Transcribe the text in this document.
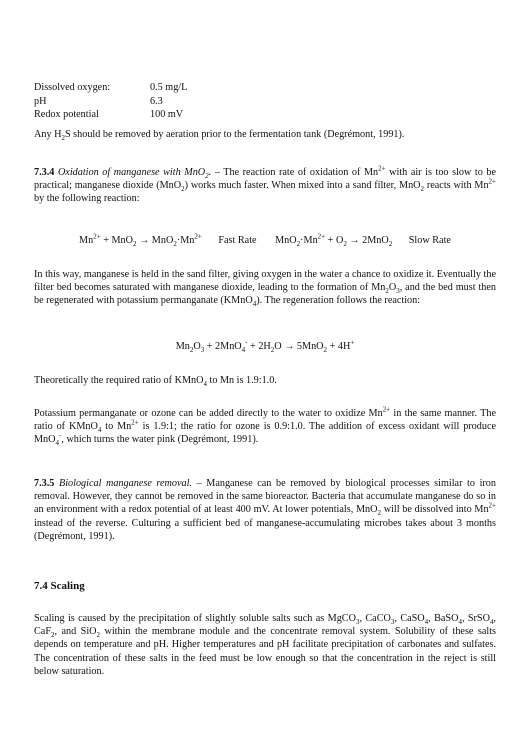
Dissolved oxygen:	0.5 mg/L
pH	6.3
Redox potential	100 mV

Any $H_2S$ should be removed by aeration prior to the fermentation tank (Degrémont, 1991).

7.3.4 Oxidation of manganese with MnO$_2$. – The reaction rate of oxidation of $Mn^{2+}$ with air is too slow to be practical; manganese dioxide (MnO$_2$) works much faster. When mixed into a sand filter, MnO$_2$ reacts with $Mn^{2+}$ by the following reaction:

$Mn^{2+} + MnO_2 \to MnO_2\cdot Mn^{2+}$ Fast Rate $MnO_2\cdot Mn^{2+} + O_2 \to 2MnO_2$ Slow Rate

In this way, manganese is held in the sand filter, giving oxygen in the water a chance to oxidize it. Eventually the filter bed becomes saturated with manganese dioxide, leading to the formation of $Mn_2O_3$, and the bed must then be regenerated with potassium permanganate (KMnO$_4$). The regeneration follows the reaction:

$Mn_2O_3 + 2MnO_4^- + 2H_2O \to 5MnO_2 + 4H^+$

Theoretically the required ratio of KMnO$_4$ to Mn is 1.9:1.0.

Potassium permanganate or ozone can be added directly to the water to oxidize $Mn^{2+}$ in the same manner. The ratio of KMnO$_4$ to $Mn^{2+}$ is 1.9:1; the ratio for ozone is 0.9:1.0. The addition of excess oxidant will produce MnO$_4$-, which turns the water pink (Degrémont, 1991).

7.3.5 Biological manganese removal. – Manganese can be removed by biological processes similar to iron removal. However, they cannot be removed in the same bioreactor. Bacteria that accumulate manganese do so in an environment with a redox potential of at least 400 mV. At lower potentials, MnO$_2$ will be dissolved into $Mn^{2+}$ instead of the reverse. Culturing a sufficient bed of manganese-accumulating microbes takes about 3 months (Degrémont, 1991).

7.4 Scaling

Scaling is caused by the precipitation of slightly soluble salts such as MgCO$_3$, CaCO$_3$, CaSO$_4$, BaSO$_4$, SrSO$_4$, CaF$_2$, and SiO$_2$ within the membrane module and the concentrate removal system. Solubility of these salts depends on temperature and pH. Higher temperatures and pH facilitate precipitation of carbonates and sulfates. The concentration of these salts in the feed must be low enough so that the concentration in the reject is still below saturation.
